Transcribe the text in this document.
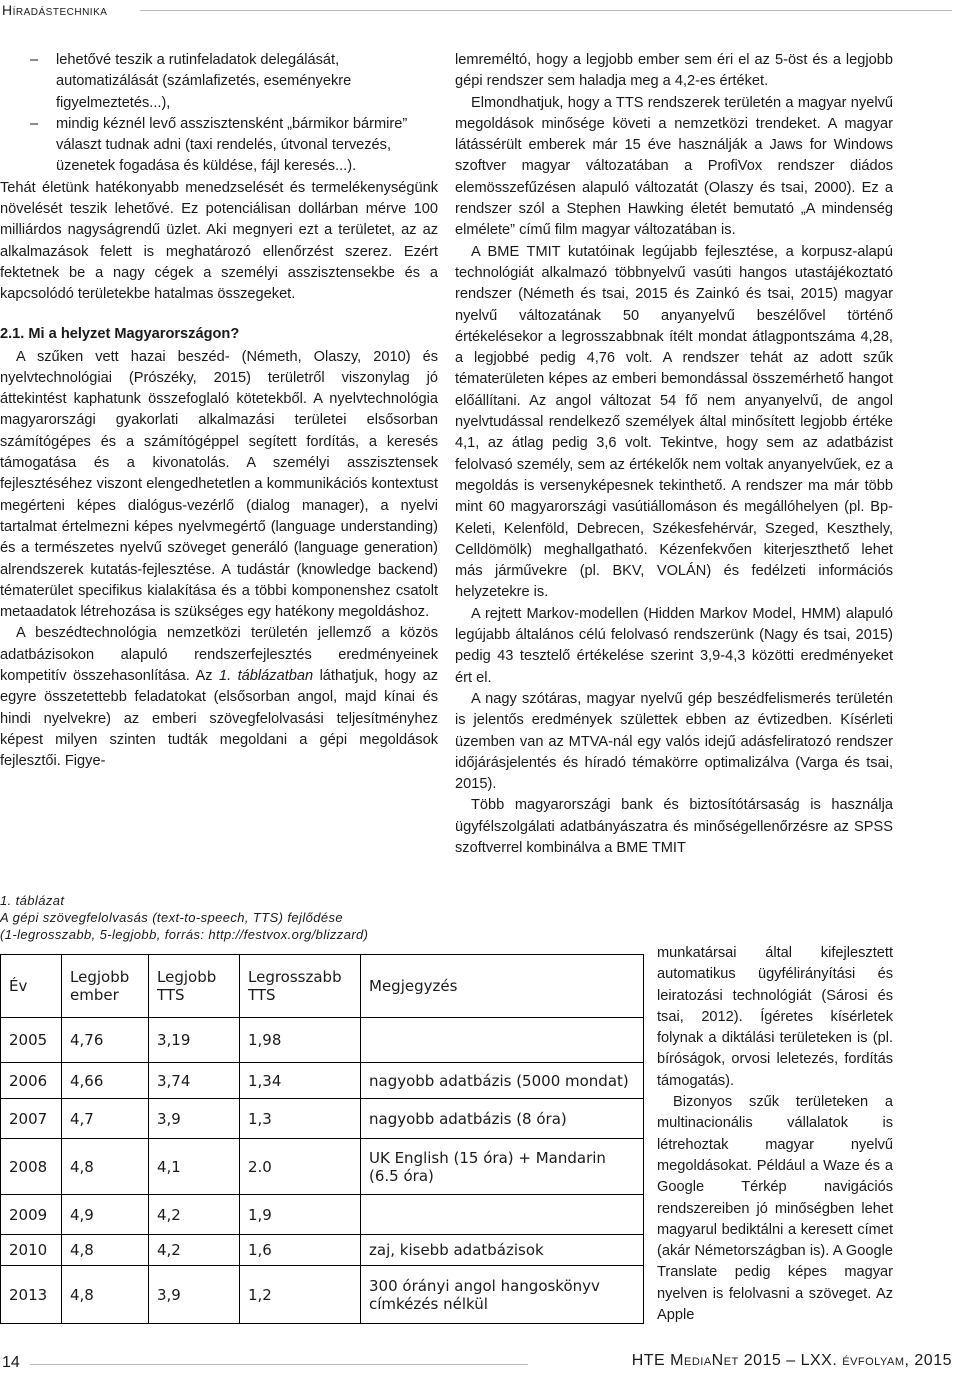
Híradástechnika
– lehetővé teszik a rutinfeladatok delegálását, automatizálását (számlafizetés, eseményekre figyelmeztetés...),
– mindig kéznél levő asszisztensként „bármikor bármire” választ tudnak adni (taxi rendelés, útvonal tervezés, üzenetek fogadása és küldése, fájl keresés...).

Tehát életünk hatékonyabb menedzselését és termelékenységünk növelését teszik lehetővé. Ez potenciálisan dollárban mérve 100 milliárdos nagyságrendű üzlet. Aki megnyeri ezt a területet, az az alkalmazások felett is meghatározó ellenőrzést szerez. Ezért fektetnek be a nagy cégek a személyi asszisztensekbe és a kapcsolódó területekbe hatalmas összegeket.

2.1. Mi a helyzet Magyarországon?

A szűken vett hazai beszéd- (Németh, Olaszy, 2010) és nyelvtechnológiai (Prószéky, 2015) területről viszonylag jó áttekintést kaphatunk összefoglaló kötetekből. A nyelvtechnológia magyarországi gyakorlati alkalmazási területei elsősorban számítógépes és a számítógéppel segített fordítás, a keresés támogatása és a kivonatolás. A személyi asszisztensek fejlesztéséhez viszont elengedhetetlen a kommunikációs kontextust megérteni képes dialógus-vezérlő (dialog manager), a nyelvi tartalmat értelmezni képes nyelvmegértő (language understanding) és a természetes nyelvű szöveget generáló (language generation) alrendszerek kutatás-fejlesztése. A tudástár (knowledge backend) tématerület specifikus kialakítása és a többi komponenshez csatolt metaadatok létrehozása is szükséges egy hatékony megoldáshoz.

A beszédtechnológia nemzetközi területén jellemző a közös adatbázisokon alapuló rendszerfejlesztés eredményeinek kompetitív összehasonlítása. Az 1. táblázatban láthatjuk, hogy az egyre összetettebb feladatokat (elsősorban angol, majd kínai és hindi nyelvekre) az emberi szövegfelolvasási teljesítményhez képest milyen szinten tudták megoldani a gépi megoldások fejlesztői. Figye-

1. táblázat
A gépi szövegfelolvasás (text-to-speech, TTS) fejlődése
(1-legrosszabb, 5-legjobb, forrás: http://festvox.org/blizzard)
Év	Legjobb ember	Legjobb TTS	Legrosszabb TTS	Megjegyzés
2005	4,76	3,19	1,98	
2006	4,66	3,74	1,34	nagyobb adatbázis (5000 mondat)
2007	4,7	3,9	1,3	nagyobb adatbázis (8 óra)
2008	4,8	4,1	2.0	UK English (15 óra) + Mandarin (6.5 óra)
2009	4,9	4,2	1,9	
2010	4,8	4,2	1,6	zaj, kisebb adatbázisok
2013	4,8	3,9	1,2	300 órányi angol hangoskönyv címkézés nélkül

lemreméltó, hogy a legjobb ember sem éri el az 5-öst és a legjobb gépi rendszer sem haladja meg a 4,2-es értéket.

Elmondhatjuk, hogy a TTS rendszerek területén a magyar nyelvű megoldások minősége követi a nemzetközi trendeket. A magyar látássérült emberek már 15 éve használják a Jaws for Windows szoftver magyar változatában a ProfiVox rendszer diádos elemösszefűzésen alapuló változatát (Olaszy és tsai, 2000). Ez a rendszer szól a Stephen Hawking életét bemutató „A mindenség elmélete” című film magyar változatában is.

A BME TMIT kutatóinak legújabb fejlesztése, a korpusz-alapú technológiát alkalmazó többnyelvű vasúti hangos utastájékoztató rendszer (Németh és tsai, 2015 és Zainkó és tsai, 2015) magyar nyelvű változatának 50 anyanyelvű beszélővel történő értékelésekor a legrosszabbnak ítélt mondat átlagpontszáma 4,28, a legjobbé pedig 4,76 volt. A rendszer tehát az adott szűk tématerületen képes az emberi bemondással összemérhető hangot előállítani. Az angol változat 54 fő nem anyanyelvű, de angol nyelvtudással rendelkező személyek által minősített legjobb értéke 4,1, az átlag pedig 3,6 volt. Tekintve, hogy sem az adatbázist felolvasó személy, sem az értékelők nem voltak anyanyelvűek, ez a megoldás is versenyképesnek tekinthető. A rendszer ma már több mint 60 magyarországi vasútiállomáson és megállóhelyen (pl. Bp-Keleti, Kelenföld, Debrecen, Székesfehérvár, Szeged, Keszthely, Celldömölk) meghallgatható. Kézenfekvően kiterjeszthető lehet más járművekre (pl. BKV, VOLÁN) és fedélzeti információs helyzetekre is.

A rejtett Markov-modellen (Hidden Markov Model, HMM) alapuló legújabb általános célú felolvasó rendszerünk (Nagy és tsai, 2015) pedig 43 tesztelő értékelése szerint 3,9-4,3 közötti eredményeket ért el.

A nagy szótáras, magyar nyelvű gép beszédfelismerés területén is jelentős eredmények születtek ebben az évtizedben. Kísérleti üzemben van az MTVA-nál egy valós idejű adásfeliratozó rendszer időjárásjelentés és híradó témakörre optimalizálva (Varga és tsai, 2015).

Több magyarországi bank és biztosítótársaság is használja ügyfélszolgálati adatbányászatra és minőségellenőrzésre az SPSS szoftverrel kombinálva a BME TMIT

munkatársai által kifejlesztett automatikus ügyfélirányítási és leiratozási technológiát (Sárosi és tsai, 2012). Ígéretes kísérletek folynak a diktálási területeken is (pl. bíróságok, orvosi leletezés, fordítás támogatás).

Bizonyos szűk területeken a multinacionális vállalatok is létrehoztak magyar nyelvű megoldásokat. Például a Waze és a Google Térkép navigációs rendszereiben jó minőségben lehet magyarul bediktálni a keresett címet (akár Németországban is). A Google Translate pedig képes magyar nyelven is felolvasni a szöveget. Az Apple

14	HTE MediaNet 2015 – LXX. évfolyam, 2015
